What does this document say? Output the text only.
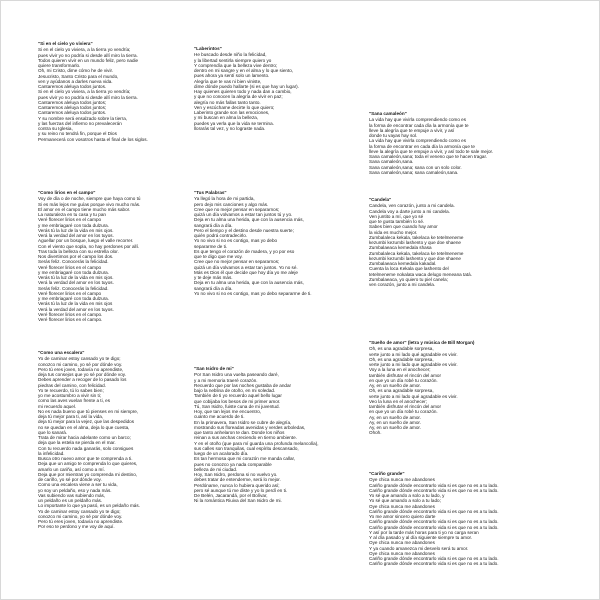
"Si en el cielo yo viviera"
Si en el cielo yo viviera, a la tierra yo vendría;
pues vivir yo no podría si desde allí miro la tierra.
Todos quieren vivir en un mundo feliz, pero nadie
quiere transformarlo.
Oh, mi Cristo, dime cómo he de vivir.
Jesucristo, Santo Cristo para el mundo,
ven y ayúdanos a darles nueva vida.
Cantaremos aleluya todos juntos.
Si en el cielo yo viviera, a la tierra yo vendría;
pues vivir yo no podría si desde allí miro la tierra.
Cantaremos aleluya todos juntos;
Cantaremos aleluya todos juntos;
Cantaremos aleluya todos juntos.
Y su nombre será ensalzado sobre la tierra,
y las fuerzas del infierno no prevalecerán
contra su Iglesia,
y su reino no tendrá fin, porque el Dios
Permanecerá con vosotros hasta el final de los siglos.
"Laberintos"
He buscado desde niño la felicidad,
y la libertad sentirla siempre quiero yo
Y comprendía que la belleza vive dentro;
dentro en mi sangre y en el alma y lo que siento,
pues ahora ya sentí solo un lamento.
Alegría que te vas ni bien viniste,
dime dónde puedo hallarte (si es que hay un lugar).
Hay quienes quieren todo y nada dan a cambio,
y que no conocen la alegría de vivir en paz;
alegría no más fallas tanto tanto.
Ven y escúchame decirte lo que quiero;
Laberinto grande son las emociones,
y mi buscan en alma la belleza,
puedes ya verla que la vida se termina.
llorarás tal vez, y no lograste nada.
"Sana camaleón"
La vida hay que vivirla comprendiendo como es
la forma de encontrar cada día la armonía que te
lleve la alegría que te empuje a vivir, y así
donde tu vayas hay sol.
La vida hay que vivirla comprendiendo como es
la forma de encontrar en cada día la armonía que te
lleve la alegría que te empuje a vivir, y así todo te sale mejor.
Sana camaleón,sana; toda el veneno que te hacen tragar.
Sana camaleón,sana.
Sana camaleón,sana; sana con un solo color.
Sana camaleón,sana; sana camaleón,sana.
"Como lirios en el campo"
Voy de día o de noche, siempre que haya como tú
Si es más lejos me guías porque vivo mucho más.
El amor en el campo tiene mucho más sabor.
La naturaleza en tu casa y tu pan
Veré florecer lirios en el campo
y me embriagaré con toda dulzura.
Verás tú la luz de la vida en mis ojos.
Verá la verdad del amor en los tuyos.
Aguellar por un bosque, luego el valle recorrer.
Con el viento que sopla, no hay perdones por allí.
Tras toda la belleza con su estrella olor.
Nos divertimos por el campo los dos.
Serás feliz. Conocerás la felicidad.
Veré florecer lirios en el campo
y me embriagaré con toda dulzura.
Verás tú la luz de la vida en mis ojos.
Verá la verdad del amor en los tuyos.
Serás feliz. Conocerás la felicidad.
Veré florecer lirios en el campo
y me embriagaré con toda dulzura.
Verás tú la luz de la vida en mis ojos
Verá la verdad del amor en los tuyos.
Veré florecer lirios en el campo.
Veré florecer lirios en el campo.
"Tus Palabras"
Ya llegó la hora de mi partida,
pero dejo mis canciones y algo más.
Cree que no mejor pensar en separarnos;
quizá un día volvamos a estar tan juntos tú y yo.
Deja en tu alma una herida, que con la ausencia más,
sangrará día a día.
Pero el tiempo y el destino desde nuestra suerte;
quién podrá contradecirlo.
Yo no vivo si no es contigo, mas yo debo
separarme de ti.
Es que tengo el corazón de madera, y yo por eso
que te digo que me voy.
Cree que no mejor pensar en separarnos;
quizá un día volvamos a estar tan juntos. Yo no sé.
Más es Dios él que decide que hoy día yo me aleje
y te deje más más.
Deja en tu alma una herida, que con la ausencia más,
sangrará día a día.
Yo no vivo si no es contigo, mas yo debo separarme de ti.
"Candela"
Candela, ven corazón, junto a mi candela.
Candela voy a darte junto a mi candela.
Ven juntito a mí, que yo sé
que te gusta también lo sé.
Sabes bien que cuando hay amor
la vida es mucho mejor.
Zumbalaleca kekala, takelaca ke tetelmeneme
kezumbi kezumbi lashento y que doe shaene
Zumbalaeaca kemedala shasa
Zumbalaleca kekala, takelaca ke tetelmeneme
kezumbi kezumbi lashento y que doe shaene
Zumbalaeaca kemedala kakadal.
Cuenta la loca Kekala que lashento del
tetelmeneme nokalata waca delugo meneana tatá.
Zumbalaeaca, yo quiero tu piel canela;
ven corazón, junto a mi candela.
"Como una escalera"
Yo de caminar estoy cansado yo te digo;
conozco mi camino, yo sé por dónde voy.
Pero tú eres joven, todavía no aprendiste,
deja tus consejos que yo sé por dónde voy.
Debes aprender a recoger de lo pasado los
piedras del camino, con felicidad.
Yo te recuerdo, tú lo sabes bien;
yo me acostumbro a vivir sin ti;
como las aves vuelan frente a ti, es
mi recuerdo aquel.
No es nada bueno que tú pienses en mi siempre,
deja tú mejor para ti, así la vida,
deja tú mejor para la vejez, que las despedidos
no se quedan en el alma, deja lo que cuesta,
que lo sanará.
Trata de mirar hacia adelante como un barco;
deja que la estela se pierda en el mar.
Con tu recuerdo nada ganarás, solo consigues
la infelicidad.
Busca otro nuevo amor que te comprenda a ti.
Deja que un amigo te comprenda lo que quieres,
amarlo un cariño, así como a mí.
Deja que por mientras yo comprenda mi destino,
de cariño, yo sé por dónde voy.
Como una escalera viene a ser tu vida,
yo soy un peldaño, eso y nada más.
Vas subiendo vas subiendo más,
un peldaño es un peldaño más.
Lo importante lo que ya pasó, es un peldaño más.
Yo de caminar estoy cansado yo te digo;
conozco mi camino, yo sé por dónde voy.
Pero tú eres joven, todavía no aprendiste.
Por eso te perdono y me voy de aquí.
"San Isidro de mi"
Por San Isidro una vuelta paseando daré,
y a mi memoria traeré corazón.
Recuerdo que por las noches gustaba de andar
bajo la neblina de otoño, en mi soledad.
También de ti yo recuerdo aquel bello lugar
que cobijaba los besos de mi primer amor.
Tú, San Isidro, fuiste cuna de mi juventud.
Hoy, que tan lejos me encuentro,
cuánto me acuerdo de ti.
En la primavera, San Isidro se cubre de alegría,
mostrando sus floreadas avenidas y verdes arboledas,
que tanto anhelaron te dan. Donde los niños
reinan a sus anchas creciendo en tierno ambiente.
Y en el otoño (que para mí guarda una profunda melancolía),
sus calles son tranquilas, cual espíritu descansado,
luego de un acalorado día.
Es tan hermosa que mi corazón me manda callar,
pues no conozco ya nada comparable
belleza de mi ciudad.
Hoy, San Isidro, perdona si no vuelvo yo.
debes tratar de entenderme, será lo mejor.
Perdóname, nunca lo hubiera querido así;
pero sé aunque tú me diste y yo lo perdí en ti.
De Belén, Jacarandá, por el Bolívar,
Ni la romántica Riuiva del San Isidro de mi.
"Sueño de amor" (letra y música de Bill Morgan)
Oh, es una agradable sorpresa,
verte junto a mi lado qué agradable es vivir.
Oh, es una agradable sorpresa,
verte junto a mi lado que agradable es vivir.
Voy a la luna en el anochecer;
también disfrutar el rincón del amor
en que yo un día robé tu corazón.
Ay, en un sueño de amor.
Oh, es una agradable sorpresa,
verte junto a mi lado qué agradable es vivir.
Veo la luna en el anochecer;
también disfrutar el rincón del amor
en que yo un día robé tu corazón.
Ay, en un sueño de amor.
Ay, en un sueño de amor.
Ay, en un sueño de amor.
Ohoh.
"Cariño grande"
Oye chica nunca me abandones
Cariño grande dónde encontrarlo vida si es que no es a tu lado.
Cariño grande dónde encontrarlo vida si es que no es a tu lado.
Yo sé que amando a solo a tu lado, y
Yo sé que amando a solo a tu lado;
Oye chica nunca me abandones
Cariño grande dónde encontrarlo vida si es que no es a tu lado.
Yo me amor sincero quiero darte
Cariño grande dónde encontrarlo vida si es que no es a tu lado.
Cariño grande dónde encontrarlo vida si es que no es a tu lado.
Y así por la tarde más horas para ti yo no carga seran
Y al día pasado y al día siguiente siempre tu amor.
Oye chica nunca me abandones
Y ya cuando amanezca mi desvelo será tu amor.
Oye chica nunca me abandones
Cariño grande dónde encontrarlo vida si es que no es a tu lado.
Cariño grande dónde encontrarlo vida si es que no es a tu lado.
